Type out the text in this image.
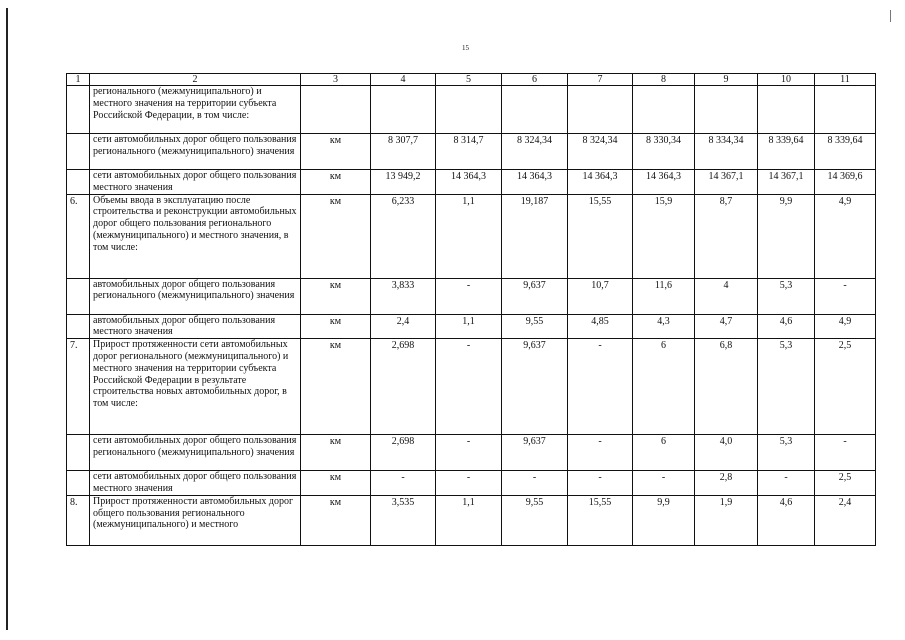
15
1	2	3	4	5	6	7	8	9	10	11
	регионального (межмуниципального) и местного значения на территории субъекта Российской Федерации, в том числе:									
	сети автомобильных дорог общего пользования регионального (межмуниципального) значения	км	8 307,7	8 314,7	8 324,34	8 324,34	8 330,34	8 334,34	8 339,64	8 339,64
	сети автомобильных дорог общего пользования местного значения	км	13 949,2	14 364,3	14 364,3	14 364,3	14 364,3	14 367,1	14 367,1	14 369,6
6.	Объемы ввода в эксплуатацию после строительства и реконструкции автомобильных дорог общего пользования регионального (межмуниципального) и местного значения, в том числе:	км	6,233	1,1	19,187	15,55	15,9	8,7	9,9	4,9
	автомобильных дорог общего пользования регионального (межмуниципального) значения	км	3,833	-	9,637	10,7	11,6	4	5,3	-
	автомобильных дорог общего пользования местного значения	км	2,4	1,1	9,55	4,85	4,3	4,7	4,6	4,9
7.	Прирост протяженности сети автомобильных дорог регионального (межмуниципального) и местного значения на территории субъекта Российской Федерации в результате строительства новых автомобильных дорог, в том числе:	км	2,698	-	9,637	-	6	6,8	5,3	2,5
	сети автомобильных дорог общего пользования регионального (межмуниципального) значения	км	2,698	-	9,637	-	6	4,0	5,3	-
	сети автомобильных дорог общего пользования местного значения	км	-	-	-	-	-	2,8	-	2,5
8.	Прирост протяженности автомобильных дорог общего пользования регионального (межмуниципального) и местного	км	3,535	1,1	9,55	15,55	9,9	1,9	4,6	2,4
